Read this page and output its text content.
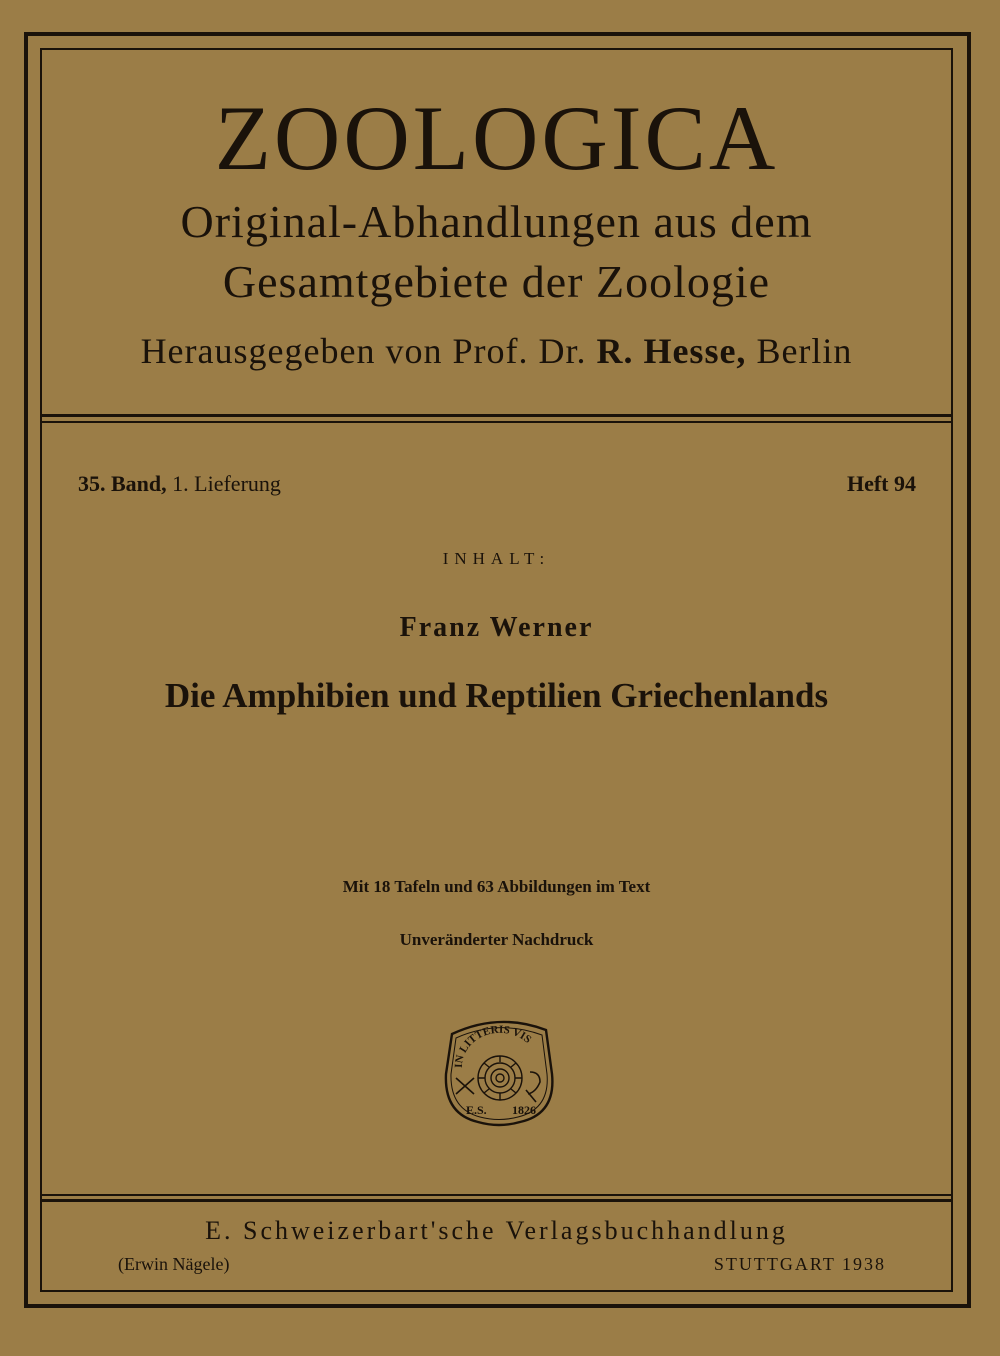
ZOOLOGICA
Original-Abhandlungen aus dem
Gesamtgebiete der Zoologie
Herausgegeben von Prof. Dr. R. Hesse, Berlin
35. Band, 1. Lieferung	Heft 94
INHALT:
Franz Werner
Die Amphibien und Reptilien Griechenlands
Mit 18 Tafeln und 63 Abbildungen im Text
Unveränderter Nachdruck
IN LITTERIS VIS
E.S. 1826
E. Schweizerbart'sche Verlagsbuchhandlung
(Erwin Nägele)	STUTTGART 1938
